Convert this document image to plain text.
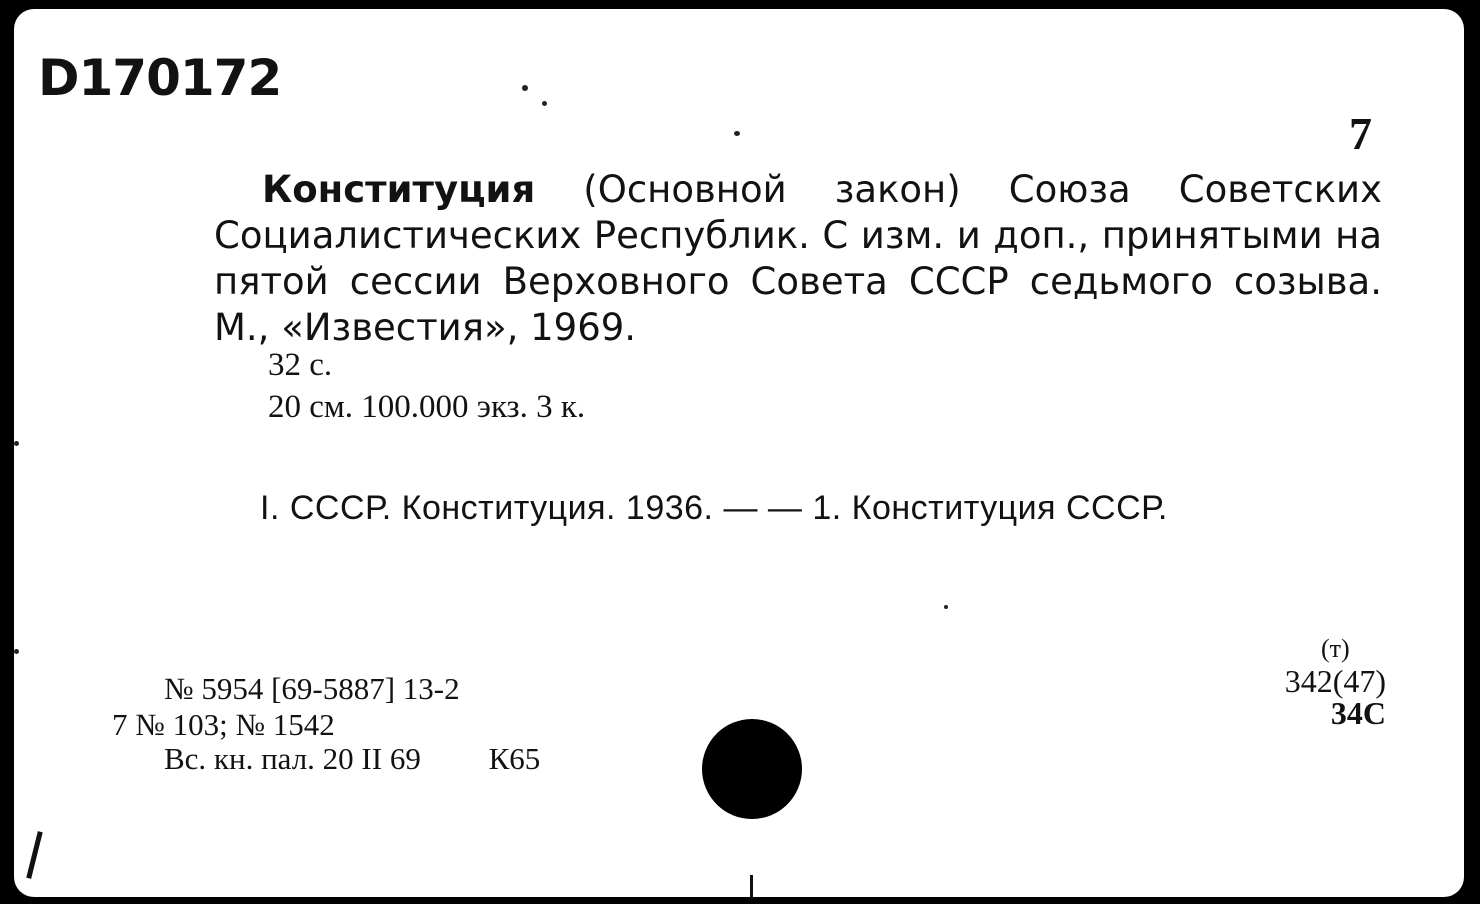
D170172
7
Конституция (Основной закон) Союза Советских Социалистических Республик. С изм. и доп., принятыми на пятой сессии Верховного Совета СССР седьмого созыва. М., «Известия», 1969.
32 с.
20 см. 100.000 экз. 3 к.
I. СССР. Конституция. 1936. — — 1. Конституция СССР.
(т)
342(47)
34С
№ 5954 [69-5887] 13-2
7 № 103; № 1542
Вс. кн. пал. 20 II 69 К65
